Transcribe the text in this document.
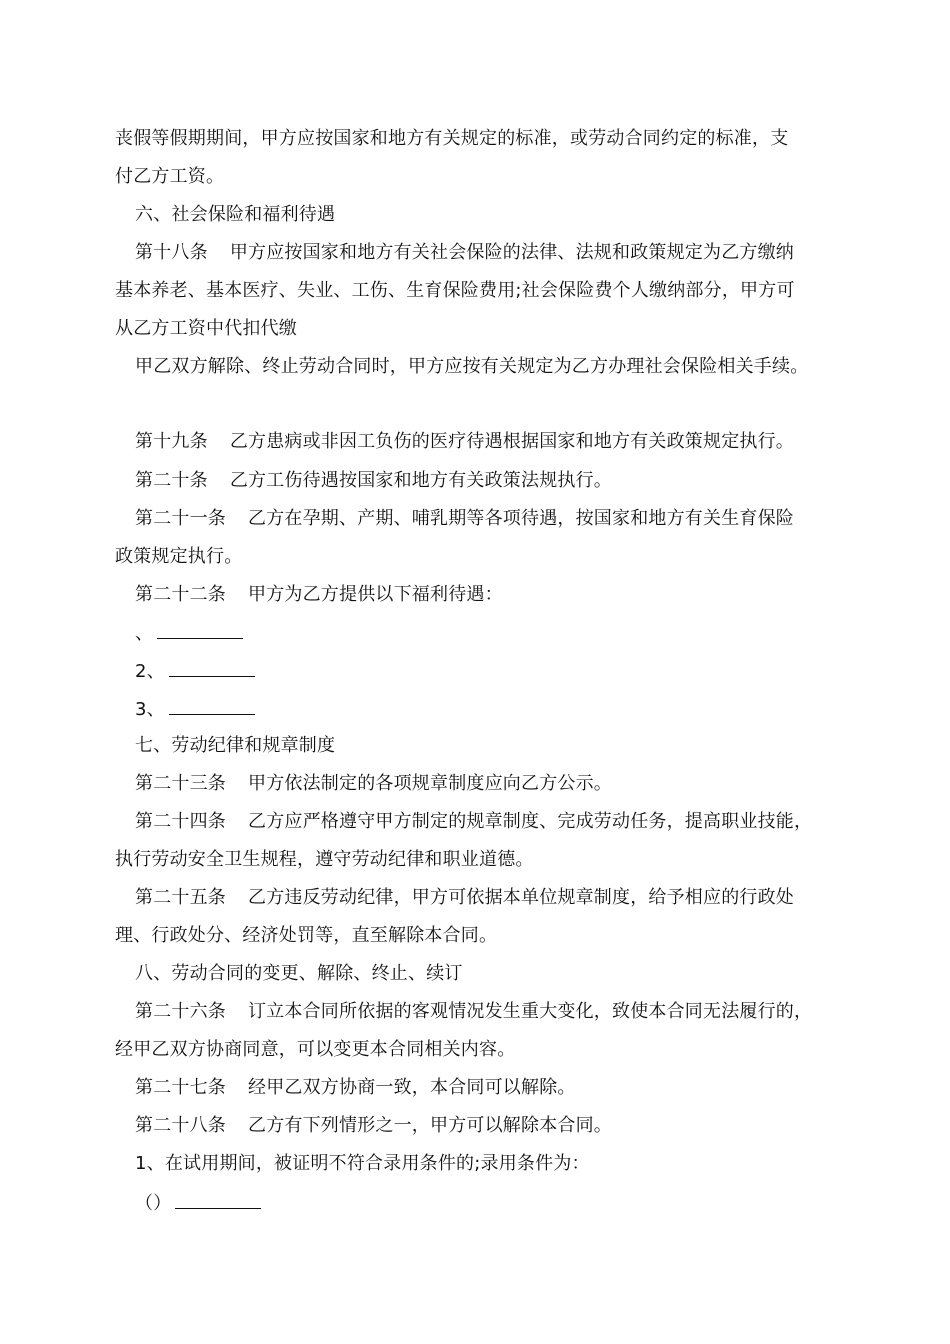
丧假等假期期间，甲方应按国家和地方有关规定的标准，或劳动合同约定的标准，支
付乙方工资。
六、社会保险和福利待遇
第十八条 甲方应按国家和地方有关社会保险的法律、法规和政策规定为乙方缴纳
基本养老、基本医疗、失业、工伤、生育保险费用;社会保险费个人缴纳部分，甲方可
从乙方工资中代扣代缴
甲乙双方解除、终止劳动合同时，甲方应按有关规定为乙方办理社会保险相关手续。
第十九条 乙方患病或非因工负伤的医疗待遇根据国家和地方有关政策规定执行。
第二十条 乙方工伤待遇按国家和地方有关政策法规执行。
第二十一条 乙方在孕期、产期、哺乳期等各项待遇，按国家和地方有关生育保险
政策规定执行。
第二十二条 甲方为乙方提供以下福利待遇：
、
2、
3、
七、劳动纪律和规章制度
第二十三条 甲方依法制定的各项规章制度应向乙方公示。
第二十四条 乙方应严格遵守甲方制定的规章制度、完成劳动任务，提高职业技能，
执行劳动安全卫生规程，遵守劳动纪律和职业道德。
第二十五条 乙方违反劳动纪律，甲方可依据本单位规章制度，给予相应的行政处
理、行政处分、经济处罚等，直至解除本合同。
八、劳动合同的变更、解除、终止、续订
第二十六条 订立本合同所依据的客观情况发生重大变化，致使本合同无法履行的，
经甲乙双方协商同意，可以变更本合同相关内容。
第二十七条 经甲乙双方协商一致，本合同可以解除。
第二十八条 乙方有下列情形之一，甲方可以解除本合同。
1、在试用期间，被证明不符合录用条件的;录用条件为：
（）
